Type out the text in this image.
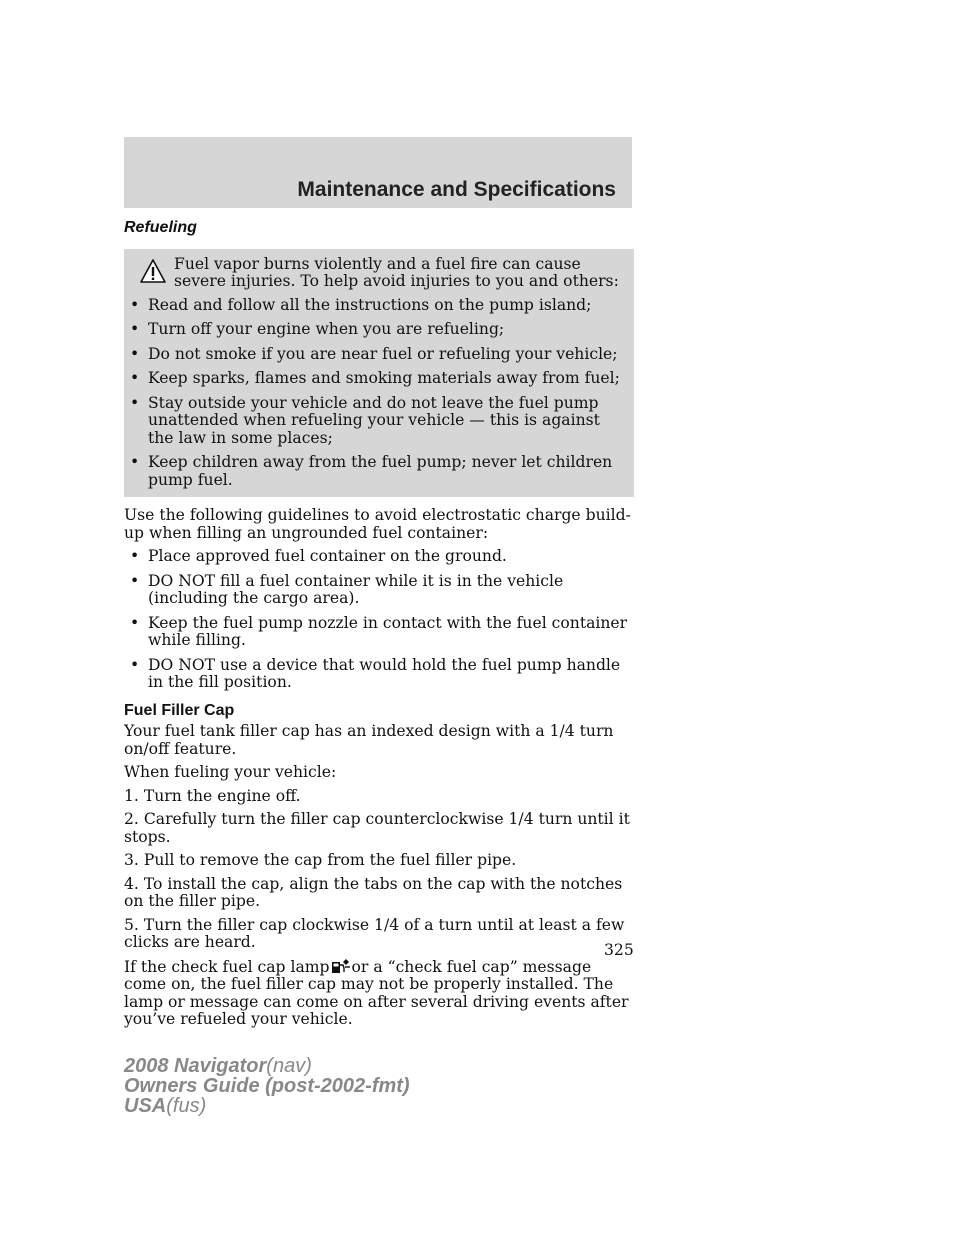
Maintenance and Specifications
Refueling
Fuel vapor burns violently and a fuel fire can cause severe injuries. To help avoid injuries to you and others:
• Read and follow all the instructions on the pump island;
• Turn off your engine when you are refueling;
• Do not smoke if you are near fuel or refueling your vehicle;
• Keep sparks, flames and smoking materials away from fuel;
• Stay outside your vehicle and do not leave the fuel pump unattended when refueling your vehicle — this is against the law in some places;
• Keep children away from the fuel pump; never let children pump fuel.

Use the following guidelines to avoid electrostatic charge build-up when filling an ungrounded fuel container:

• Place approved fuel container on the ground.
• DO NOT fill a fuel container while it is in the vehicle (including the cargo area).
• Keep the fuel pump nozzle in contact with the fuel container while filling.
• DO NOT use a device that would hold the fuel pump handle in the fill position.
Fuel Filler Cap

Your fuel tank filler cap has an indexed design with a 1/4 turn on/off feature.

When fueling your vehicle:

1. Turn the engine off.

2. Carefully turn the filler cap counterclockwise 1/4 turn until it stops.

3. Pull to remove the cap from the fuel filler pipe.

4. To install the cap, align the tabs on the cap with the notches on the filler pipe.

5. Turn the filler cap clockwise 1/4 of a turn until at least a few clicks are heard.

If the check fuel cap lamp or a “check fuel cap” message come on, the fuel filler cap may not be properly installed. The lamp or message can come on after several driving events after you’ve refueled your vehicle.

325
2008 Navigator(nav)
Owners Guide (post-2002-fmt)
USA(fus)
